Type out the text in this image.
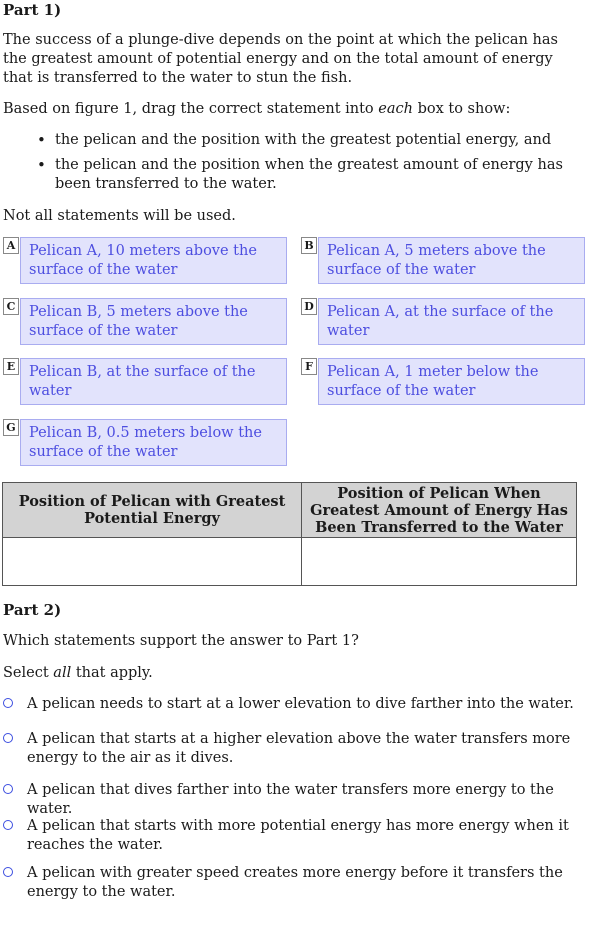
Part 1)
The success of a plunge-dive depends on the point at which the pelican has the greatest amount of potential energy and on the total amount of energy that is transferred to the water to stun the fish.
Based on figure 1, drag the correct statement into each box to show:
• the pelican and the position with the greatest potential energy, and
• the pelican and the position when the greatest amount of energy has been transferred to the water.
Not all statements will be used.
A Pelican A, 10 meters above the surface of the water
B Pelican A, 5 meters above the surface of the water
C Pelican B, 5 meters above the surface of the water
D Pelican A, at the surface of the water
E Pelican B, at the surface of the water
F Pelican A, 1 meter below the surface of the water
G Pelican B, 0.5 meters below the surface of the water
Position of Pelican with Greatest Potential Energy	Position of Pelican When Greatest Amount of Energy Has Been Transferred to the Water

Part 2)
Which statements support the answer to Part 1?
Select all that apply.
A pelican needs to start at a lower elevation to dive farther into the water.
A pelican that starts at a higher elevation above the water transfers more energy to the air as it dives.
A pelican that dives farther into the water transfers more energy to the water.
A pelican that starts with more potential energy has more energy when it reaches the water.
A pelican with greater speed creates more energy before it transfers the energy to the water.
